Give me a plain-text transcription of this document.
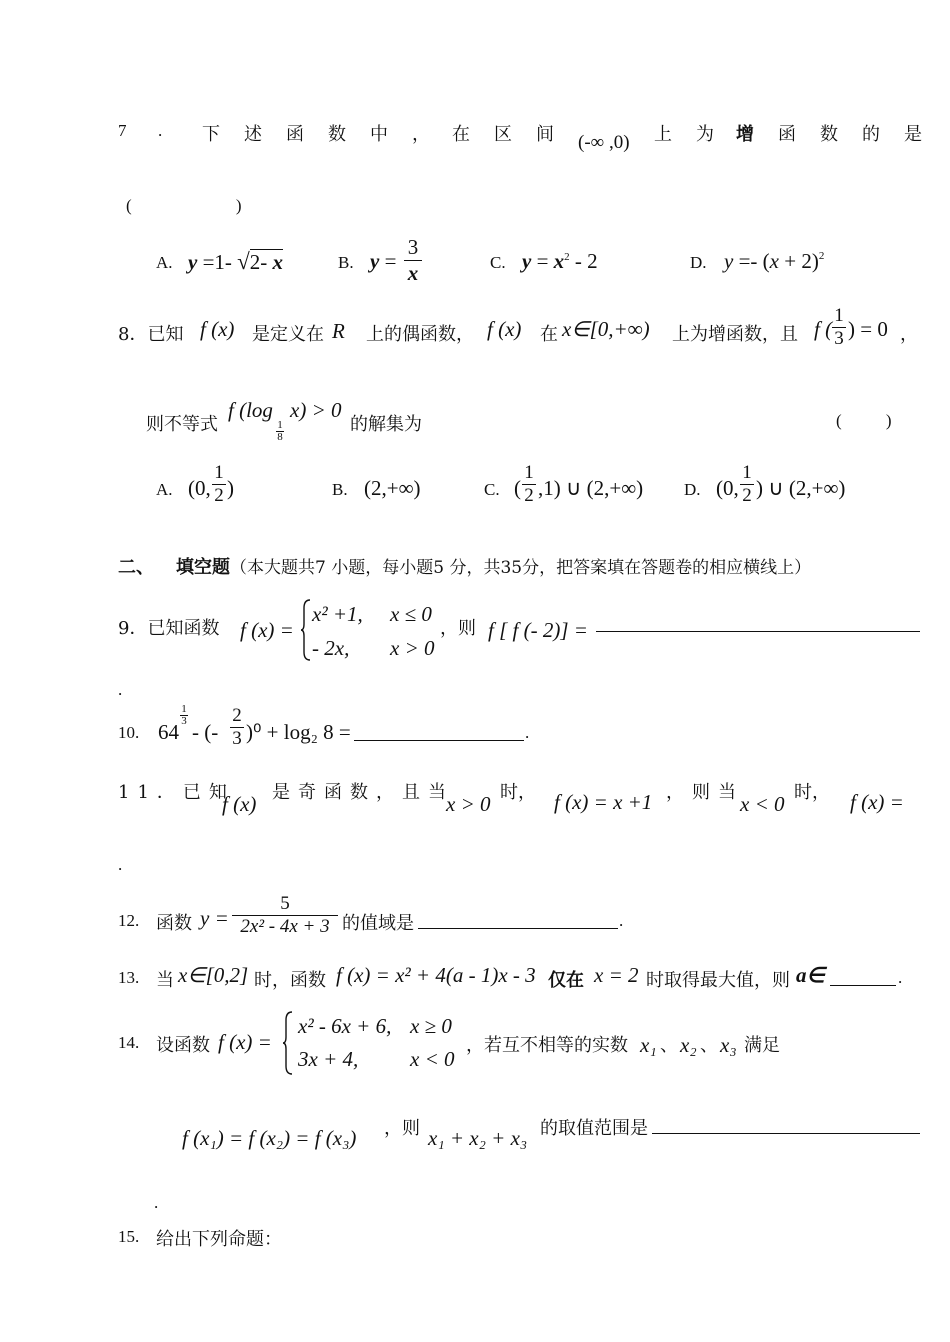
7 . 下述函数中，
在区间 (-∞ ,0) 上为
增 函数的是
( )
A. y =1- √2- x	B. $y = \frac{3}{x}$	C. $y = x^2 - 2$	D. $y =- (x + 2)^2$
8．已知 f (x) 是定义在 R 上的偶函数， f (x) 在 x∈[0,+∞) 上为增函数，且 f ( $\frac{1}{3}$ ) = 0 ，
则不等式
f (log
$\frac{1}{8}$
x) > 0
的解集为	( )
A. (0, $\frac{1}{2}$ )	B. (2,+∞)	C. ( $\frac{1}{2} ,1$) ∪ (2,+∞) D. (0, $\frac{1}{2}$ ) ∪ (2,+∞)
二、 填空题 （本大题共7 小题，每小题5 分，共35分，把答案填在答题卷的相应横线上）
9．已知函数 f (x) =
x² +1, x ≤ 0
- 2x, x > 0
，则 f [ f (- 2)] =
.
10. 64
$\frac{1}{3}$
- (- $\frac{2}{3} )^0 + \log_2$ 8 =	.
11．已知
f (x) 是奇函数，且当
x > 0 时， f (x) = x +1 ，则当
x < 0 时， f (x) =
.
12. 函数 $y = \frac{5}{\text{2x² - 4x + 3}}$ 的值域是	.
13. 当 x∈[0,2] 时，函数 f (x) = x² + 4(a - 1)x - 3 仅在 x = 2 时取得最大值，则 a∈	.
14. 设函数 f (x) =
x² - 6x + 6, x ≥ 0
3x + 4, x < 0
，若互不相等的实数 x₁ 、 x₂ 、 x₃ 满足
f (x₁) = f (x₂) = f (x₃) ，则 x₁ + x₂ + x₃ 的取值范围是
.
15. 给出下列命题：
